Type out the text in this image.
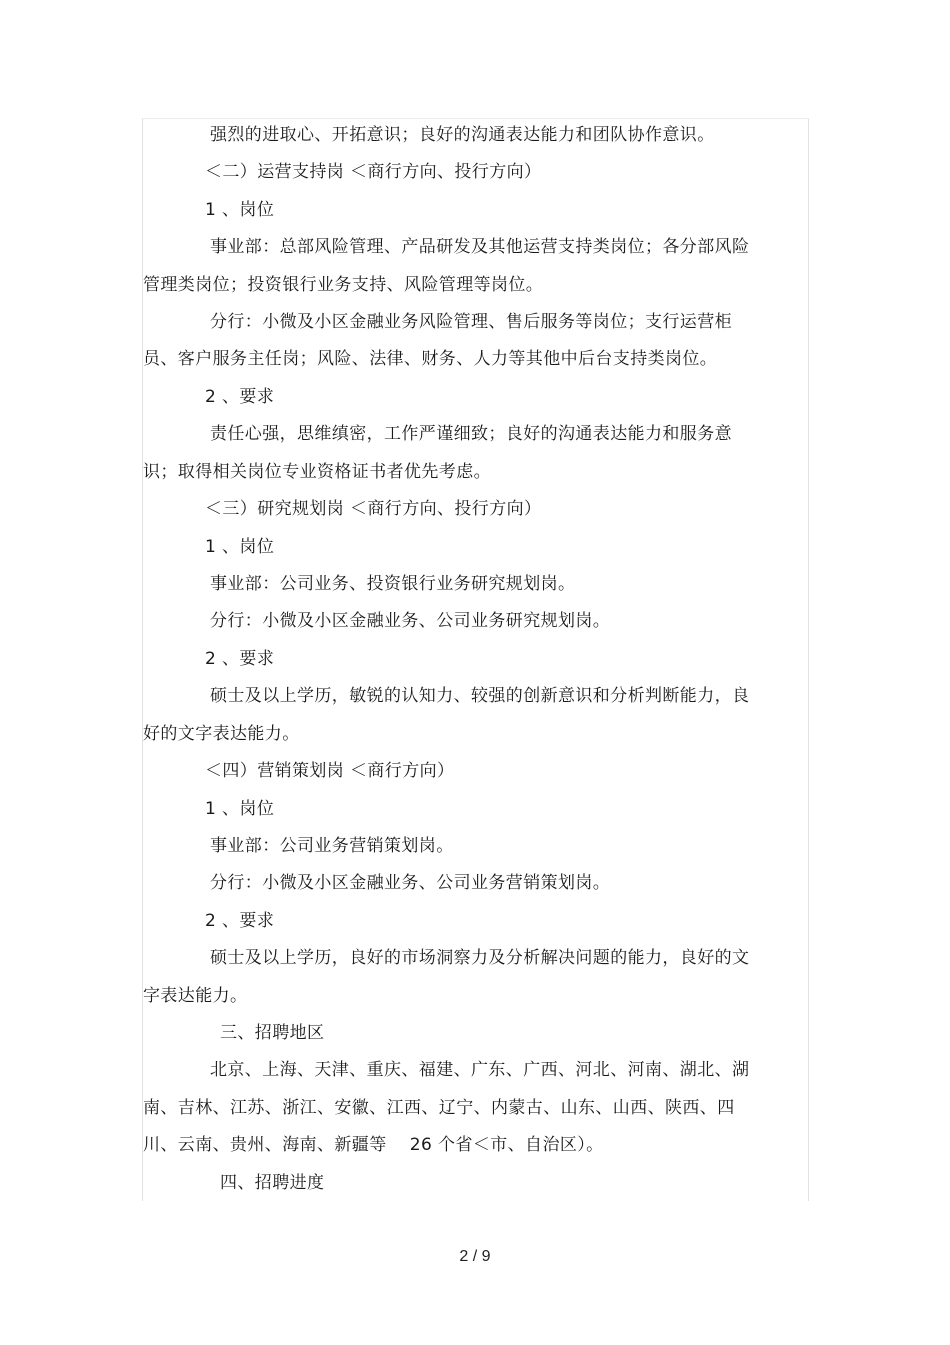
强烈的进取心、开拓意识；良好的沟通表达能力和团队协作意识。
＜二）运营支持岗 ＜商行方向、投行方向）
1 、岗位
事业部：总部风险管理、产品研发及其他运营支持类岗位；各分部风险
管理类岗位；投资银行业务支持、风险管理等岗位。
分行：小微及小区金融业务风险管理、售后服务等岗位；支行运营柜
员、客户服务主任岗；风险、法律、财务、人力等其他中后台支持类岗位。
2 、要求
责任心强，思维缜密，工作严谨细致；良好的沟通表达能力和服务意
识；取得相关岗位专业资格证书者优先考虑。
＜三）研究规划岗 ＜商行方向、投行方向）
1 、岗位
事业部：公司业务、投资银行业务研究规划岗。
分行：小微及小区金融业务、公司业务研究规划岗。
2 、要求
硕士及以上学历，敏锐的认知力、较强的创新意识和分析判断能力，良
好的文字表达能力。
＜四）营销策划岗 ＜商行方向）
1 、岗位
事业部：公司业务营销策划岗。
分行：小微及小区金融业务、公司业务营销策划岗。
2 、要求
硕士及以上学历，良好的市场洞察力及分析解决问题的能力，良好的文
字表达能力。
三、招聘地区
北京、上海、天津、重庆、福建、广东、广西、河北、河南、湖北、湖
南、吉林、江苏、浙江、安徽、江西、辽宁、内蒙古、山东、山西、陕西、四
川、云南、贵州、海南、新疆等 　26 个省＜市、自治区）。
四、招聘进度
2 / 9
